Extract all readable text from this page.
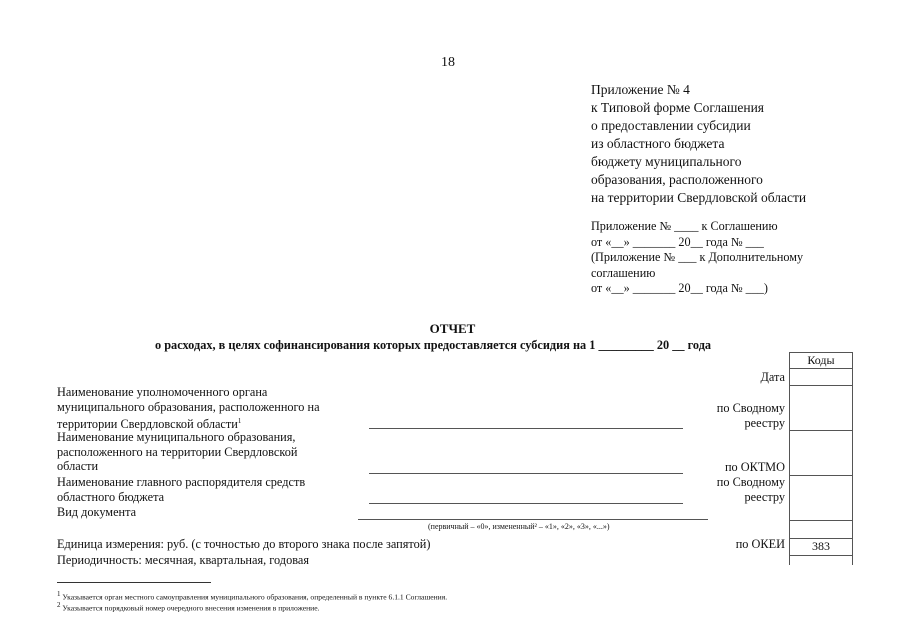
18
Приложение № 4
к Типовой форме Соглашения
о предоставлении субсидии
из областного бюджета
бюджету муниципального
образования, расположенного
на территории Свердловской области
Приложение № ____ к Соглашению
от «__» _______ 20__ года № ___
(Приложение № ___ к Дополнительному
соглашению
от «__» _______ 20__ года № ___)
ОТЧЕТ
о расходах, в целях софинансирования которых предоставляется субсидия на 1 _________ 20 __ года
Коды
383
Дата
Наименование уполномоченного органа
муниципального образования, расположенного на
территории Свердловской области$^1$
по Сводному
реестру
Наименование муниципального образования,
расположенного на территории Свердловской
области	по ОКТМО
Наименование главного распорядителя средств
областного бюджета
по Сводному
реестру
Вид документа
(первичный – «0», измененный² – «1», «2», «3», «...»)
Единица измерения: руб. (с точностью до второго знака после запятой)	по ОКЕИ
Периодичность: месячная, квартальная, годовая
$^1$ Указывается орган местного самоуправления муниципального образования, определенный в пункте 6.1.1 Соглашения.
$^2$ Указывается порядковый номер очередного внесения изменения в приложение.
